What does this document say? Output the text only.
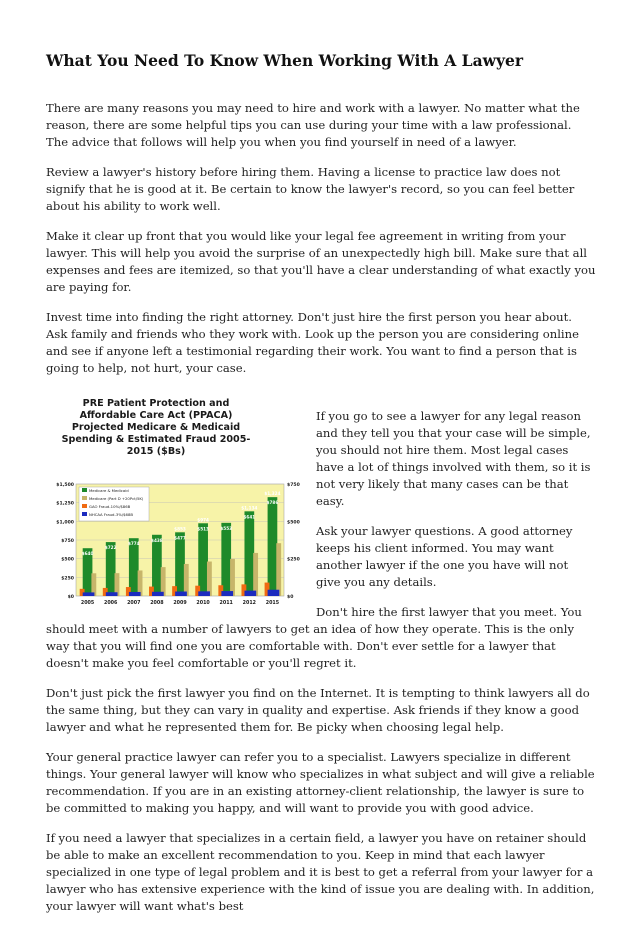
What You Need To Know When Working With A Lawyer

There are many reasons you may need to hire and work with a lawyer. No matter what the reason, there are some helpful tips you can use during your time with a law professional. The advice that follows will help you when you find yourself in need of a lawyer.

Review a lawyer's history before hiring them. Having a license to practice law does not signify that he is good at it. Be certain to know the lawyer's record, so you can feel better about his ability to work well.

Make it clear up front that you would like your legal fee agreement in writing from your lawyer. This will help you avoid the surprise of an unexpectedly high bill. Make sure that all expenses and fees are itemized, so that you'll have a clear understanding of what exactly you are paying for.

Invest time into finding the right attorney. Don't just hire the first person you hear about. Ask family and friends who they work with. Look up the person you are considering online and see if anyone left a testimonial regarding their work. You want to find a person that is going to help, not hurt, your case.

PRE Patient Protection and Affordable Care Act (PPACA) Projected Medicare & Medicaid Spending & Estimated Fraud 2005-2015 ($Bs)
$1,500
$1,250
$1,000
$750
$500
$250
$0
$750
$500
$250
$0
$640
2005
$722
2006
$774
2007
$438
2008
$477
$853
2009
$513
$974
2010
$553
2011
$641
$1,134
2012
$786
$1,324
2015
Medicare & Medicaid
Medicare (Part D +20Pct/5K)
GAO Fraud-10%/$86B
NHCAA Fraud-3%/$68B

If you go to see a lawyer for any legal reason and they tell you that your case will be simple, you should not hire them. Most legal cases have a lot of things involved with them, so it is not very likely that many cases can be that easy.

Ask your lawyer questions. A good attorney keeps his client informed. You may want another lawyer if the one you have will not give you any details.

Don't hire the first lawyer that you meet. You should meet with a number of lawyers to get an idea of how they operate. This is the only way that you will find one you are comfortable with. Don't ever settle for a lawyer that doesn't make you feel comfortable or you'll regret it.

Don't just pick the first lawyer you find on the Internet. It is tempting to think lawyers all do the same thing, but they can vary in quality and expertise. Ask friends if they know a good lawyer and what he represented them for. Be picky when choosing legal help.

Your general practice lawyer can refer you to a specialist. Lawyers specialize in different things. Your general lawyer will know who specializes in what subject and will give a reliable recommendation. If you are in an existing attorney-client relationship, the lawyer is sure to be committed to making you happy, and will want to provide you with good advice.

If you need a lawyer that specializes in a certain field, a lawyer you have on retainer should be able to make an excellent recommendation to you. Keep in mind that each lawyer specialized in one type of legal problem and it is best to get a referral from your lawyer for a lawyer who has extensive experience with the kind of issue you are dealing with. In addition, your lawyer will want what's best
